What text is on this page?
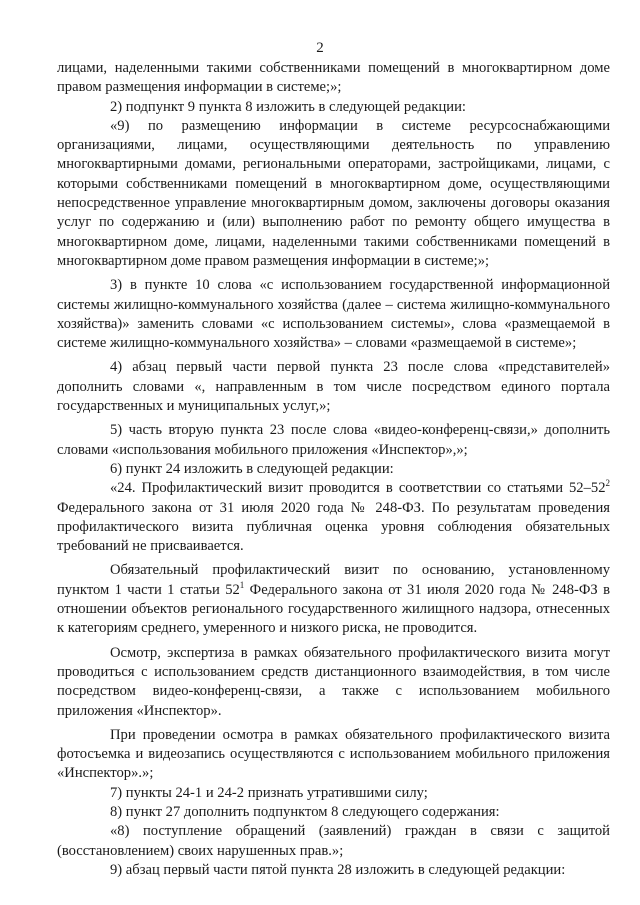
2

лицами, наделенными такими собственниками помещений в многоквартирном доме правом размещения информации в системе;»;

2) подпункт 9 пункта 8 изложить в следующей редакции:

«9) по размещению информации в системе ресурсоснабжающими организациями, лицами, осуществляющими деятельность по управлению многоквартирными домами, региональными операторами, застройщиками, лицами, с которыми собственниками помещений в многоквартирном доме, осуществляющими непосредственное управление многоквартирным домом, заключены договоры оказания услуг по содержанию и (или) выполнению работ по ремонту общего имущества в многоквартирном доме, лицами, наделенными такими собственниками помещений в многоквартирном доме правом размещения информации в системе;»;

3) в пункте 10 слова «с использованием государственной информационной системы жилищно-коммунального хозяйства (далее – система жилищно-коммунального хозяйства)» заменить словами «с использованием системы», слова «размещаемой в системе жилищно-коммунального хозяйства» – словами «размещаемой в системе»;

4) абзац первый части первой пункта 23 после слова «представителей» дополнить словами «, направленным в том числе посредством единого портала государственных и муниципальных услуг,»;

5) часть вторую пункта 23 после слова «видео-конференц-связи,» дополнить словами «использования мобильного приложения «Инспектор»,»;

6) пункт 24 изложить в следующей редакции:

«24. Профилактический визит проводится в соответствии со статьями $52-52^2$ Федерального закона от 31 июля 2020 года № 248-ФЗ. По результатам проведения профилактического визита публичная оценка уровня соблюдения обязательных требований не присваивается.

Обязательный профилактический визит по основанию, установленному пунктом 1 части 1 статьи $52^1$ Федерального закона от 31 июля 2020 года № 248-ФЗ в отношении объектов регионального государственного жилищного надзора, отнесенных к категориям среднего, умеренного и низкого риска, не проводится.

Осмотр, экспертиза в рамках обязательного профилактического визита могут проводиться с использованием средств дистанционного взаимодействия, в том числе посредством видео-конференц-связи, а также с использованием мобильного приложения «Инспектор».

При проведении осмотра в рамках обязательного профилактического визита фотосъемка и видеозапись осуществляются с использованием мобильного приложения «Инспектор».»;

7) пункты 24-1 и 24-2 признать утратившими силу;

8) пункт 27 дополнить подпунктом 8 следующего содержания:

«8) поступление обращений (заявлений) граждан в связи с защитой (восстановлением) своих нарушенных прав.»;

9) абзац первый части пятой пункта 28 изложить в следующей редакции:
